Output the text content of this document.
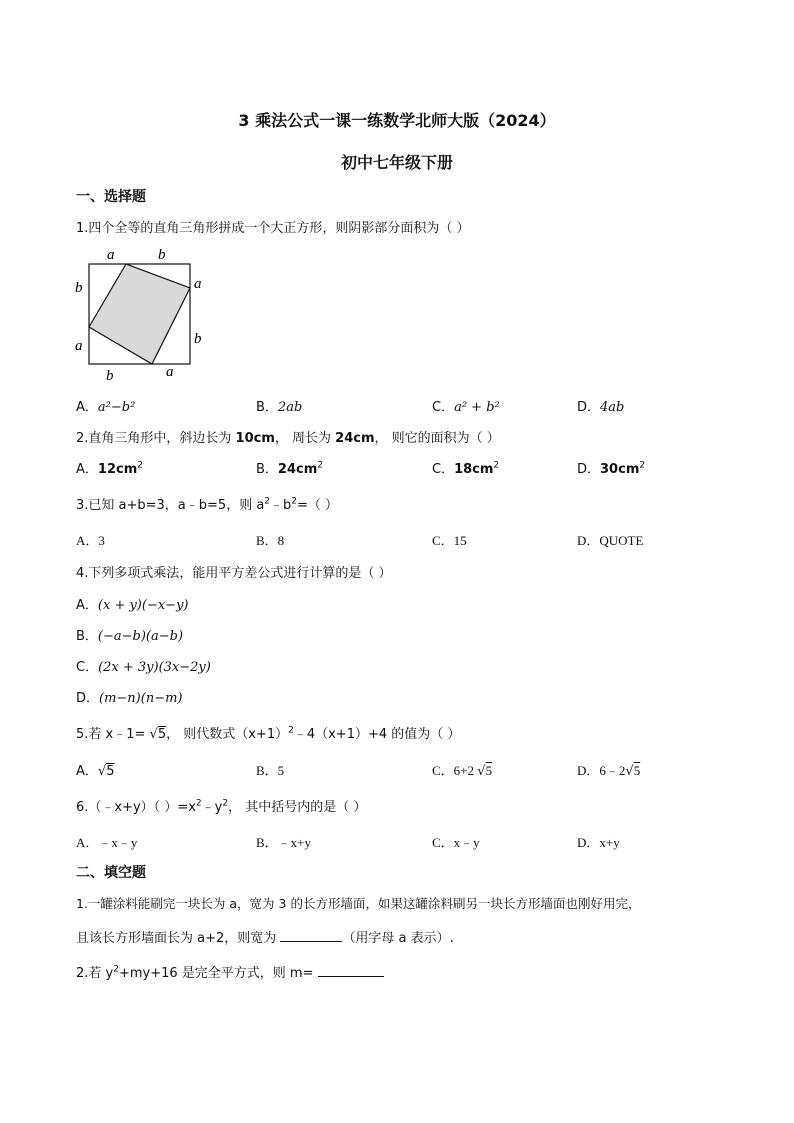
3 乘法公式一课一练数学北师大版（2024）
初中七年级下册
一、选择题
1.四个全等的直角三角形拼成一个大正方形，则阴影部分面积为（ ）
a	b
b
a
a
b
b	a
A．a²−b²	B．2ab	C．a² + b²	D．4ab
2.直角三角形中，斜边长为 10cm， 周长为 24cm， 则它的面积为（ ）
A．$12cm^2$	B．$24cm^2$	C．$18cm^2$	D．$30cm^2$
3.已知 a+b=3，a﹣b=5，则 $a^2﹣b^2=$（ ）
A．3	B．8	C．15	D．QUOTE
4.下列多项式乘法，能用平方差公式进行计算的是（ ）
A．(x + y)(−x−y)
B．(−a−b)(a−b)
C．(2x + 3y)(3x−2y)
D．(m−n)(n−m)
5.若 x﹣1= √5， 则代数式$(x+1)^2﹣4(x+1)+4$ 的值为（ ）
A．√5	B．5	C．6+2 √5	D．6﹣2√5
6.（﹣x+y）（ ）$=x^2﹣y^2$， 其中括号内的是（ ）
A．﹣x﹣y	B．﹣x+y	C．x﹣y	D．x+y
二、填空题
1.一罐涂料能刷完一块长为 a，宽为 3 的长方形墙面，如果这罐涂料刷另一块长方形墙面也刚好用完，
且该长方形墙面长为 a+2，则宽为	（用字母 a 表示）.
2.若 $y^2+my+16$ 是完全平方式，则 m=
